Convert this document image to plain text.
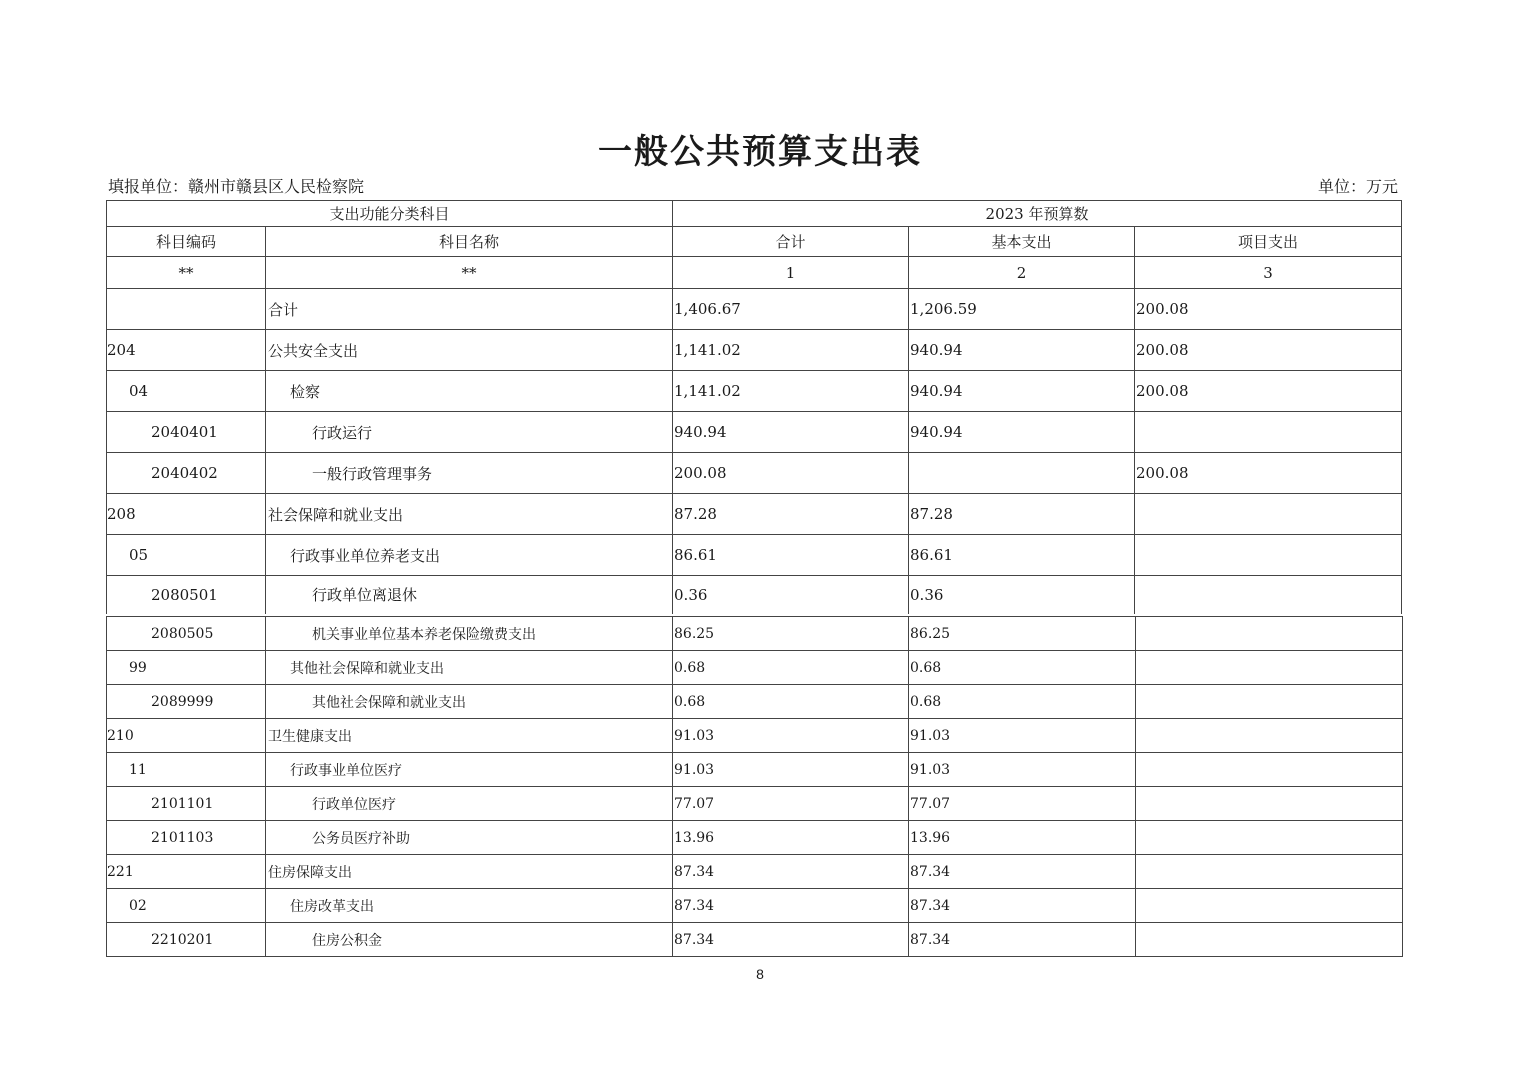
一般公共预算支出表
填报单位：赣州市赣县区人民检察院	单位：万元
支出功能分类科目		2023 年预算数		
科目编码	科目名称	合计	基本支出	项目支出
**	**	1	2	3
	合计	1,406.67	1,206.59	200.08
204	公共安全支出	1,141.02	940.94	200.08
04	检察	1,141.02	940.94	200.08
2040401	行政运行	940.94	940.94	
2040402	一般行政管理事务	200.08		200.08
208	社会保障和就业支出	87.28	87.28	
05	行政事业单位养老支出	86.61	86.61	
2080501	行政单位离退休	0.36	0.36	
2080505	机关事业单位基本养老保险缴费支出	86.25	86.25	
99	其他社会保障和就业支出	0.68	0.68	
2089999	其他社会保障和就业支出	0.68	0.68	
210	卫生健康支出	91.03	91.03	
11	行政事业单位医疗	91.03	91.03	
2101101	行政单位医疗	77.07	77.07	
2101103	公务员医疗补助	13.96	13.96	
221	住房保障支出	87.34	87.34	
02	住房改革支出	87.34	87.34	
2210201	住房公积金	87.34	87.34	
8
